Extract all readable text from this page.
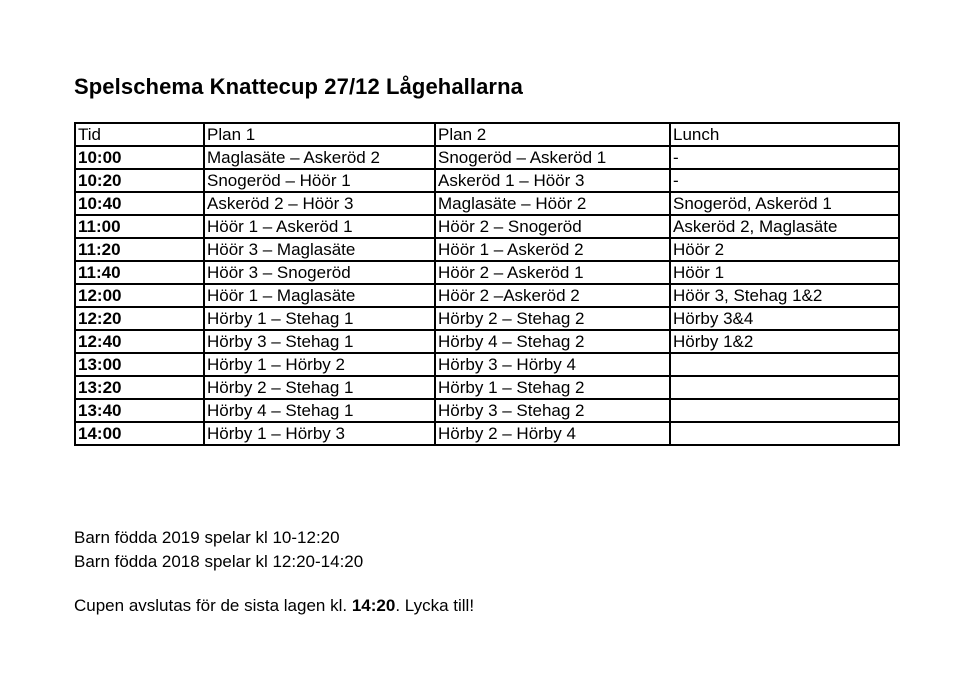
Spelschema Knattecup 27/12 Lågehallarna
Tid	Plan 1	Plan 2	Lunch
10:00	Maglasäte – Askeröd 2	Snogeröd – Askeröd 1	-
10:20	Snogeröd – Höör 1	Askeröd 1 – Höör 3	-
10:40	Askeröd 2 – Höör 3	Maglasäte – Höör 2	Snogeröd, Askeröd 1
11:00	Höör 1 – Askeröd 1	Höör 2 – Snogeröd	Askeröd 2, Maglasäte
11:20	Höör 3 – Maglasäte	Höör 1 – Askeröd 2	Höör 2
11:40	Höör 3 – Snogeröd	Höör 2 – Askeröd 1	Höör 1
12:00	Höör 1 – Maglasäte	Höör 2 –Askeröd 2	Höör 3, Stehag 1&2
12:20	Hörby 1 – Stehag 1	Hörby 2 – Stehag 2	Hörby 3&4
12:40	Hörby 3 – Stehag 1	Hörby 4 – Stehag 2	Hörby 1&2
13:00	Hörby 1 – Hörby 2	Hörby 3 – Hörby 4	
13:20	Hörby 2 – Stehag 1	Hörby 1 – Stehag 2	
13:40	Hörby 4 – Stehag 1	Hörby 3 – Stehag 2	
14:00	Hörby 1 – Hörby 3	Hörby 2 – Hörby 4	

Barn födda 2019 spelar kl 10-12:20

Barn födda 2018 spelar kl 12:20-14:20

Cupen avslutas för de sista lagen kl. 14:20. Lycka till!
